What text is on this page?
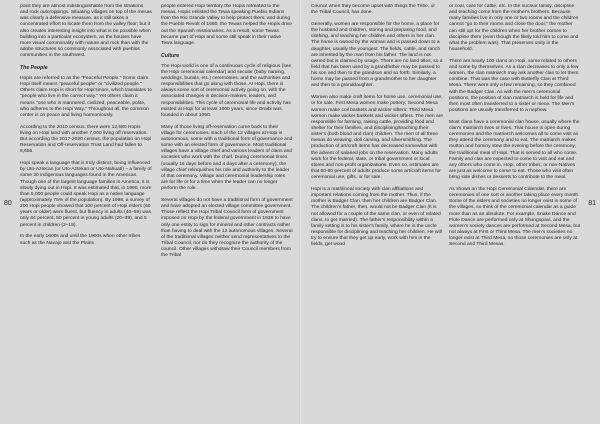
80	81

point they are almost indistinguishable from the striations and rock outcroppings. Situating villages on top of the mesas was clearly a defensive measure, as it still takes a concentrated effort to locate them from the valley floor; but it also creates interesting insight into what is be possible when building into a particular ecosystem, as the houses have more visual commonality with nature and rock than with the adobe structures so commonly associated with pueblos communities in the southwest.

The People

Hopis are referred to as the "Peaceful People." Some claim Hopi itself means "peaceful people" or "civilized people." Others claim Hopi is short for Hopi'sinom, which translates to "people who live in the correct way." Yet others claim it means "one who is mannered, civilized, peaceable, polite, who adheres to the Hopi Way." Throughout all, the common center is on peace and living harmoniously.

According to the 2010 census, there were 12,580 Hopis living on Hopi land with another 7,000 living off reservation. But according the 2017-2020 census, the population on Hopi Reservation and Off-reservation Trust Land had fallen to 8,655.

Hopi speak a language that is truly distinct, being influenced by Uto-Aztecan (or Uto-Aztekan or Uto-Nahuatl) – a family of some 30 indigenous languages found in the Americas. Though one of the largest language families in America, it is slowly dying out in Hopi. It was estimated that, in 1990, more than 5,000 people could speak Hopi as a native language (approximately 75% of the population). By 1998, a survey of 200 Hopi people showed that 100 percent of Hopi elders (60 years or older) were fluent, but fluency in adults (40–59) was only 84 percent, 50 percent in young adults (20–39), and 5 percent in children (2–19).

In the early 1600s and until the 1900s when other tribes such as the Navajo and the Plains

people entered Hopi territory the Hopis retreated to the mesas. Hopis enlisted the Tewa speaking Pueblo Indians from the Rio Grande Valley to help protect them; and during the Pueblo Revolt of 1680, the Tewas helped the Hopis drive out the Spanish missionaries. As a result, some Tewas became part of Hopi and some still speak in their native Tewa language.

Culture

The Hopi world is one of a continuous cycle of religious (see the Hopi ceremonial calendar) and secular (baby naming, weddings, burials, etc.) ceremonies, and the authorities and responsibilities that go along with those. At Hopi, there is always some sort of ceremonial activity going on, with the associated changes in decision-makers, leaders, and responsibilities. This cycle of ceremonial life and activity has existed at Hopi for at least 1000 years, since Oraibi was founded in about 1050.

Many of those living off-reservation come back to their village for ceremonies. Each of the 12 villages at Hopi is autonomous, some with a traditional form of governance and some with an elected form of governance. Most traditional villages have a village chief and various leaders of clans and societies who work with the chief. During ceremonial times (usually 16 days before and 4 days after a ceremony), the village chief relinquishes his role and authority to the leader of that ceremony. Village and ceremonial leadership roles are for life or for a time when the leader can no longer perform the role.

Several villages do not have a traditional form of government and have adopted an elected village committee government. Those reflect the Hopi Tribal Council form of government imposed on Hopi by the federal government in 1936 to have only one entity to sign for mineral and other contracts rather than having to deal with the 12 autonomous villages. Several of the traditional villages neither send representatives to the Tribal Council, nor do they recognize the authority of the council. Other villages withdraw their Council members from the Tribal

Council when they become upset with things the Tribe, or the Tribal Council, has done.

Generally, women are responsible for the home, a place for the husband and children, storing and preparing food, and clothing, and teaching her children and others in her clan. The home is owned by the woman and is passed down to a daughter, usually the youngest. The fields, cattle, and ranch are inherited by the man from his father. The land is not owned but is claimed by usage. There are no land titles, so a field that has been used by a grandfather may be passed to his son and then to the grandson and so forth. Similarly, a home may be passed from a grandmother to her daughter and then to a granddaughter.

Women also make craft items for home use, ceremonial use, or for sale. First Mesa women make pottery; Second Mesa women make coil baskets and wicker sifters; Third Mesa women make wicker baskets and wicker sifters. The men are responsible for farming, raising cattle, providing food and shelter for their families, and disciplining/teaching their sister's (both blood and clan) children. The men of all three mesas do weaving, doll carving, and silversmithing. The production of art/craft items has decreased somewhat with the advent of salaried jobs on the reservation. Many adults work for the federal, state, or tribal government or local stores and non-profit organizations. Even so, estimates are that 60-80 percent of adults produce some art/craft items for ceremonial use, gifts, or for sale.

Hopi is a matrilineal society with clan affiliations and important relations coming from the mother. Thus, if the mother is Badger Clan, then her children are Badger Clan. The children's father, then, would not be Badger Clan (it is not allowed for a couple of the same clan, or even of related clans, to get married). The father's responsibility within a family setting is to his sister's family, where he is the uncle responsible for disciplining and teaching her children. He will try to ensure that they get up early, work with him in the fields, get wood

or coal, care for cattle, etc. In the nuclear family, discipline and teaching come from the mother's brothers. Because many families live in only one or two rooms and the children cannot "go to their rooms and close the door," the mother can still opt for the children when her brother comes to discipline them (even though the likely told him to come and what the problem was). That preserves unity in the household.

There are nearly 100 clans on Hopi, some related to others and some by themselves. As a clan decreases to only a few women, the clan matriarch may ask another clan to let them combine. That was the case with Butterfly Clan at Third Mesa. There were only a few remaining, so they combined with the Badger Clan. As with the men's ceremonial positions, the position of clan matriarch is held for life and then most often transferred to a sister or niece. The Men's positions are usually transferred to a nephew.

Most clans have a ceremonial clan house, usually where the clan's matriarch lives or lives. That house is open during ceremonies and the matriarch welcomes all to come visit as they attend the ceremony and to eat. The matriarch makes mutton and hominy stew the evening before the ceremony, the traditional meal of Hopi. That is served to all who come. Family and clan are expected to come to visit and eat and any others who come in, Hopi, other tribes, or non-Natives are just as welcome to come to eat. Those who visit often bring side dishes or desserts to contribute to the meal.

As shown on the Hopi Ceremonial Calendar, there are ceremonies of one sort or another taking place every month. Some of the elders and societies no longer exist in some of the villages, so think of the ceremonial calendar as a guide more than as an absolute. For example, Snake Dance and Flute Dance are performed only at Shungopavi, and the women's society dances are performed at Second Mesa, but not always at First or Third Mesa. The men's societies no longer exist at Third Mesa, so those ceremonies are only at Second and Third Mesas.
